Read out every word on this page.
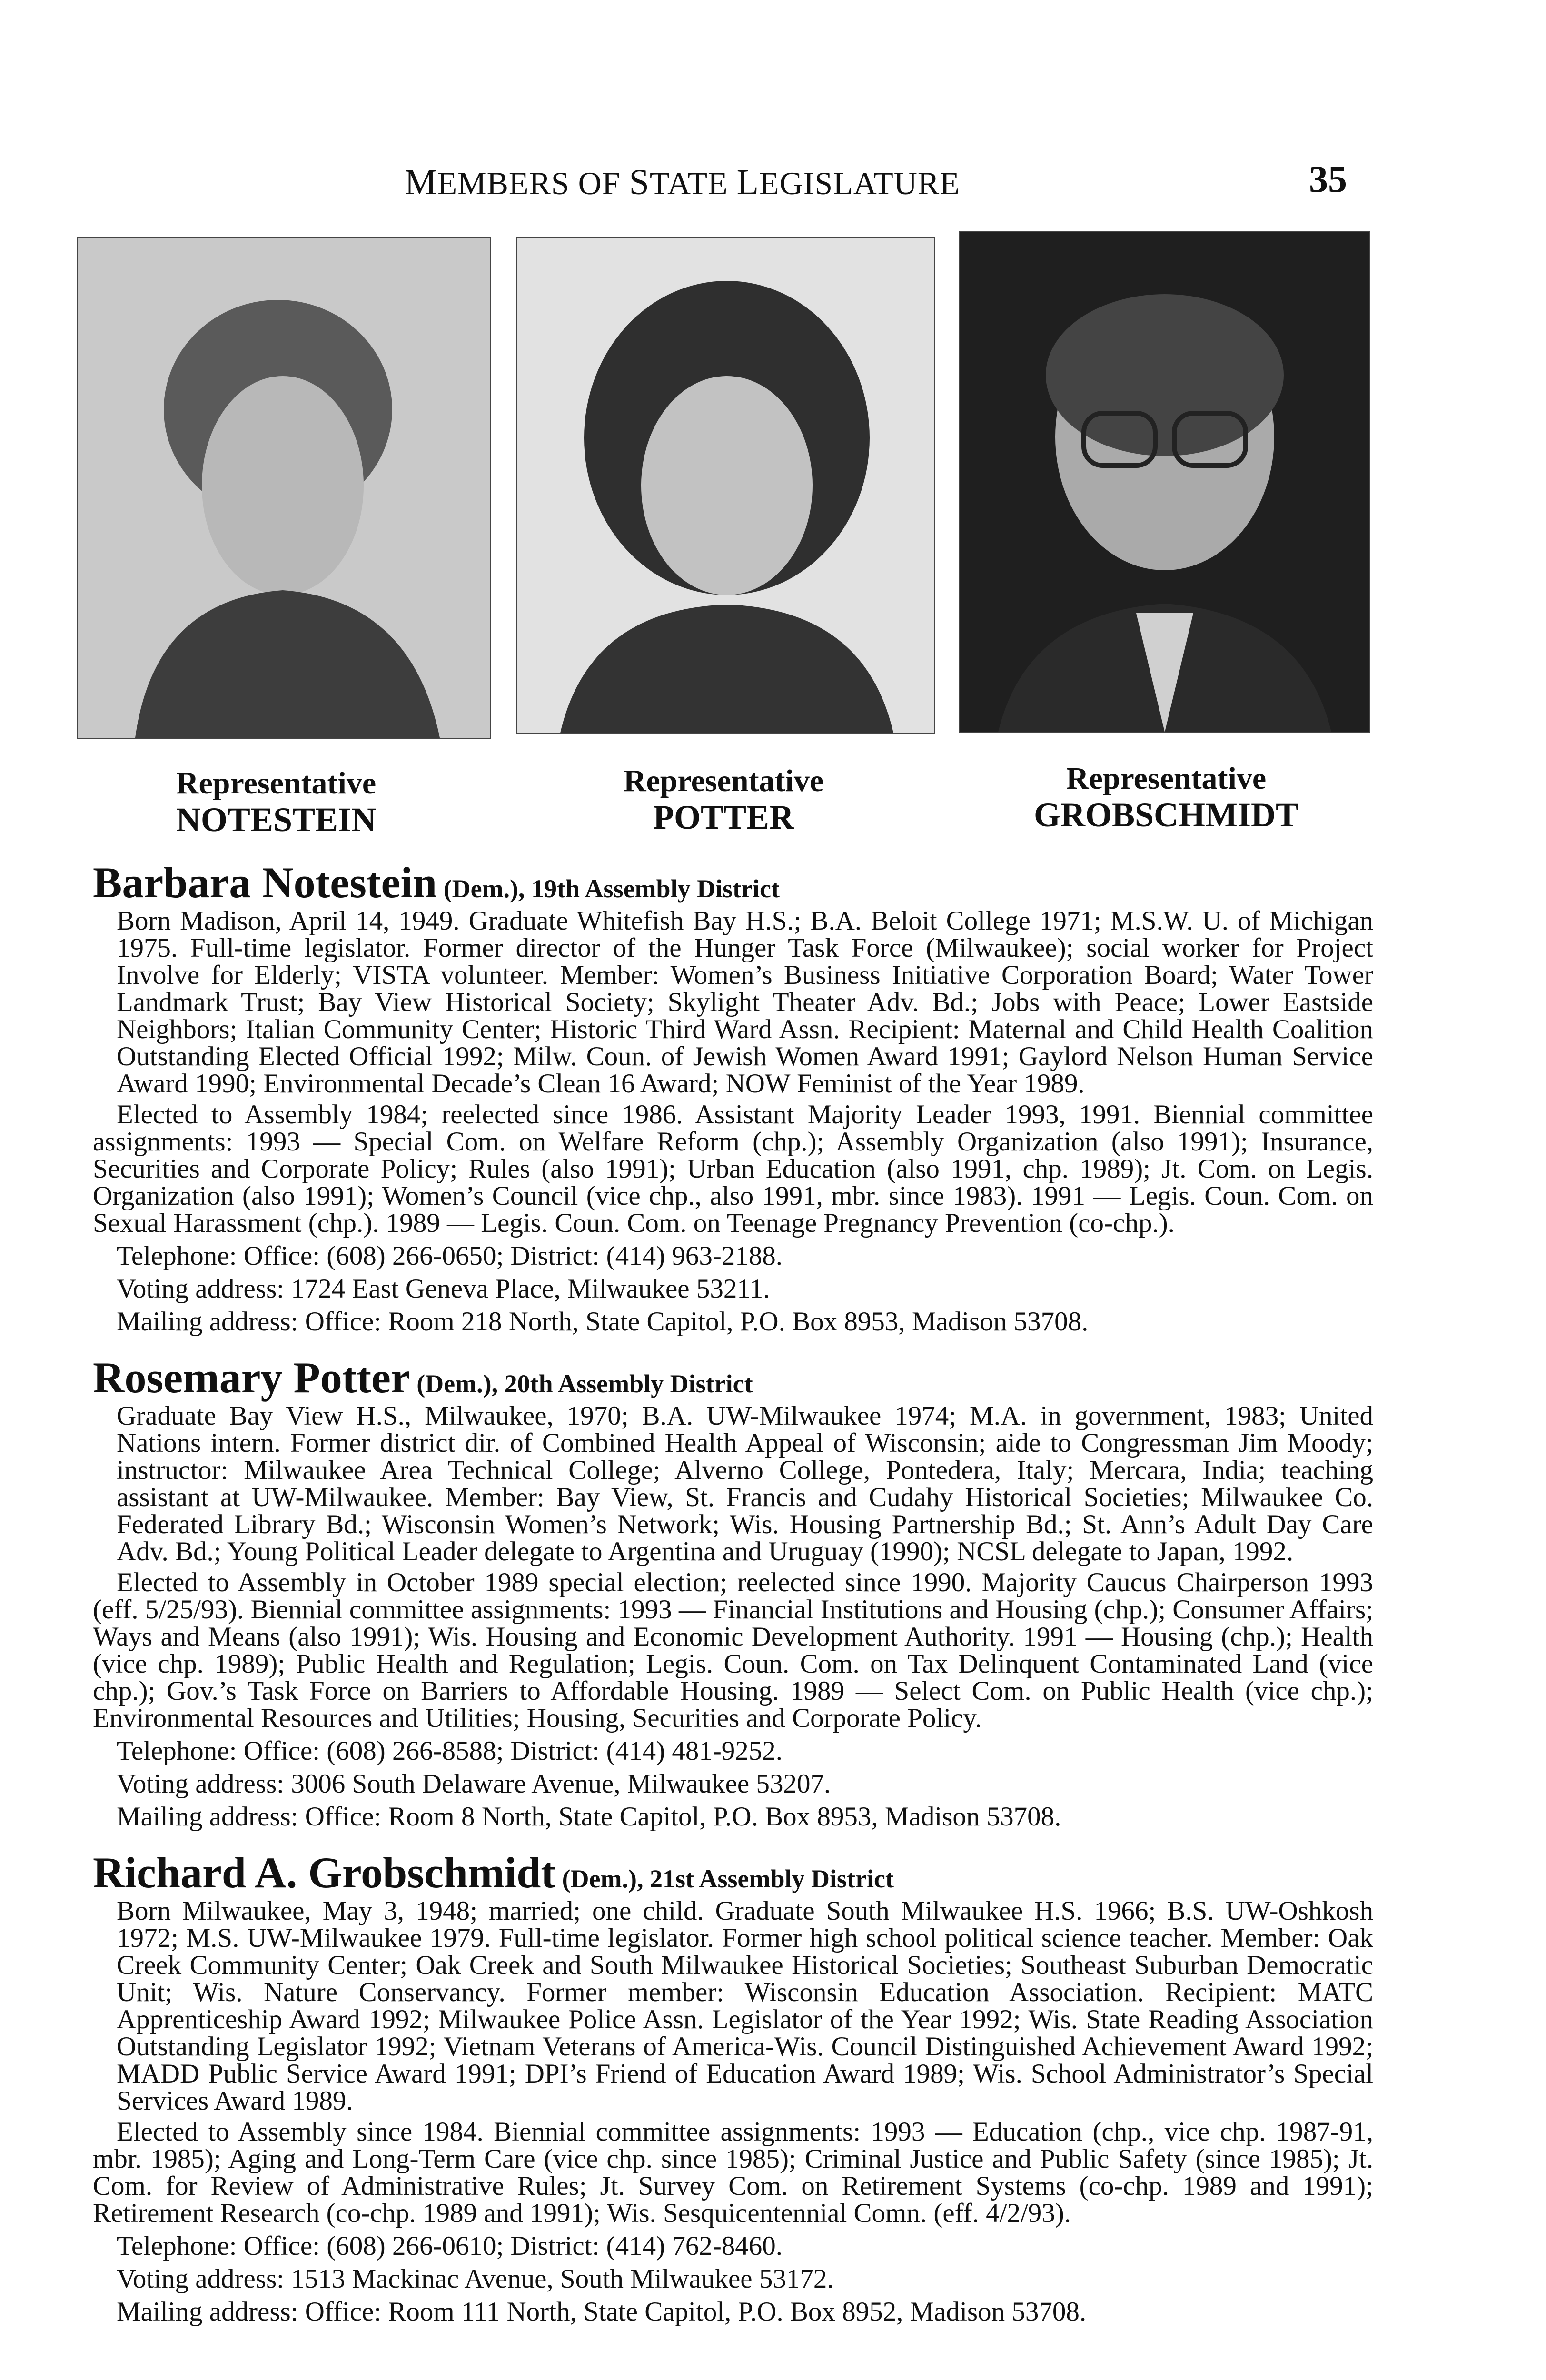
MEMBERS OF STATE LEGISLATURE	35
Representative
NOTESTEIN
Representative
POTTER
Representative
GROBSCHMIDT
Barbara Notestein (Dem.), 19th Assembly District

Born Madison, April 14, 1949. Graduate Whitefish Bay H.S.; B.A. Beloit College 1971; M.S.W. U. of Michigan 1975. Full-time legislator. Former director of the Hunger Task Force (Milwaukee); social worker for Project Involve for Elderly; VISTA volunteer. Member: Women’s Business Initiative Corporation Board; Water Tower Landmark Trust; Bay View Historical Society; Skylight Theater Adv. Bd.; Jobs with Peace; Lower Eastside Neighbors; Italian Community Center; Historic Third Ward Assn. Recipient: Maternal and Child Health Coalition Outstanding Elected Official 1992; Milw. Coun. of Jewish Women Award 1991; Gaylord Nelson Human Service Award 1990; Environmental Decade’s Clean 16 Award; NOW Feminist of the Year 1989.

Elected to Assembly 1984; reelected since 1986. Assistant Majority Leader 1993, 1991. Biennial committee assignments: 1993 — Special Com. on Welfare Reform (chp.); Assembly Organization (also 1991); Insurance, Securities and Corporate Policy; Rules (also 1991); Urban Education (also 1991, chp. 1989); Jt. Com. on Legis. Organization (also 1991); Women’s Council (vice chp., also 1991, mbr. since 1983). 1991 — Legis. Coun. Com. on Sexual Harassment (chp.). 1989 — Legis. Coun. Com. on Teenage Pregnancy Prevention (co-chp.).

Telephone: Office: (608) 266-0650; District: (414) 963-2188.
Voting address: 1724 East Geneva Place, Milwaukee 53211.
Mailing address: Office: Room 218 North, State Capitol, P.O. Box 8953, Madison 53708.
Rosemary Potter (Dem.), 20th Assembly District

Graduate Bay View H.S., Milwaukee, 1970; B.A. UW-Milwaukee 1974; M.A. in government, 1983; United Nations intern. Former district dir. of Combined Health Appeal of Wisconsin; aide to Congressman Jim Moody; instructor: Milwaukee Area Technical College; Alverno College, Pontedera, Italy; Mercara, India; teaching assistant at UW-Milwaukee. Member: Bay View, St. Francis and Cudahy Historical Societies; Milwaukee Co. Federated Library Bd.; Wisconsin Women’s Network; Wis. Housing Partnership Bd.; St. Ann’s Adult Day Care Adv. Bd.; Young Political Leader delegate to Argentina and Uruguay (1990); NCSL delegate to Japan, 1992.

Elected to Assembly in October 1989 special election; reelected since 1990. Majority Caucus Chairperson 1993 (eff. 5/25/93). Biennial committee assignments: 1993 — Financial Institutions and Housing (chp.); Consumer Affairs; Ways and Means (also 1991); Wis. Housing and Economic Development Authority. 1991 — Housing (chp.); Health (vice chp. 1989); Public Health and Regulation; Legis. Coun. Com. on Tax Delinquent Contaminated Land (vice chp.); Gov.’s Task Force on Barriers to Affordable Housing. 1989 — Select Com. on Public Health (vice chp.); Environmental Resources and Utilities; Housing, Securities and Corporate Policy.

Telephone: Office: (608) 266-8588; District: (414) 481-9252.
Voting address: 3006 South Delaware Avenue, Milwaukee 53207.
Mailing address: Office: Room 8 North, State Capitol, P.O. Box 8953, Madison 53708.
Richard A. Grobschmidt (Dem.), 21st Assembly District

Born Milwaukee, May 3, 1948; married; one child. Graduate South Milwaukee H.S. 1966; B.S. UW-Oshkosh 1972; M.S. UW-Milwaukee 1979. Full-time legislator. Former high school political science teacher. Member: Oak Creek Community Center; Oak Creek and South Milwaukee Historical Societies; Southeast Suburban Democratic Unit; Wis. Nature Conservancy. Former member: Wisconsin Education Association. Recipient: MATC Apprenticeship Award 1992; Milwaukee Police Assn. Legislator of the Year 1992; Wis. State Reading Association Outstanding Legislator 1992; Vietnam Veterans of America-Wis. Council Distinguished Achievement Award 1992; MADD Public Service Award 1991; DPI’s Friend of Education Award 1989; Wis. School Administrator’s Special Services Award 1989.

Elected to Assembly since 1984. Biennial committee assignments: 1993 — Education (chp., vice chp. 1987-91, mbr. 1985); Aging and Long-Term Care (vice chp. since 1985); Criminal Justice and Public Safety (since 1985); Jt. Com. for Review of Administrative Rules; Jt. Survey Com. on Retirement Systems (co-chp. 1989 and 1991); Retirement Research (co-chp. 1989 and 1991); Wis. Sesquicentennial Comn. (eff. 4/2/93).

Telephone: Office: (608) 266-0610; District: (414) 762-8460.
Voting address: 1513 Mackinac Avenue, South Milwaukee 53172.
Mailing address: Office: Room 111 North, State Capitol, P.O. Box 8952, Madison 53708.
